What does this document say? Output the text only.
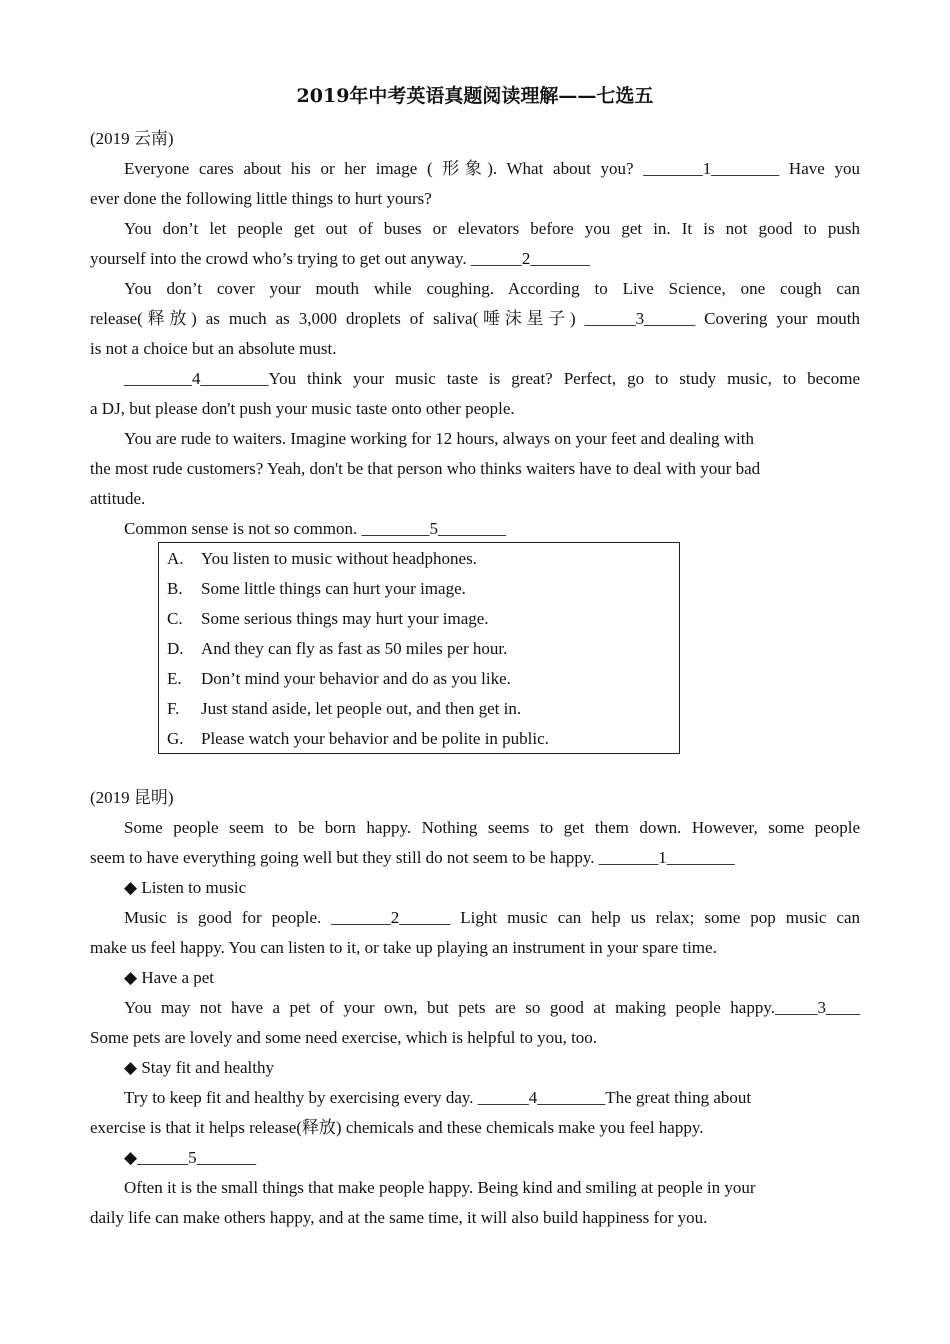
2019年中考英语真题阅读理解——七选五
(2019 云南)
Everyone cares about his or her image ( 形象). What about you? _______1________ Have you
ever done the following little things to hurt yours?
You don’t let people get out of buses or elevators before you get in. It is not good to push
yourself into the crowd who’s trying to get out anyway. ______2_______
You don’t cover your mouth while coughing. According to Live Science, one cough can
release(释放) as much as 3,000 droplets of saliva(唾沫星子) ______3______ Covering your mouth
is not a choice but an absolute must.
________4________You think your music taste is great? Perfect, go to study music, to become
a DJ, but please don't push your music taste onto other people.
You are rude to waiters. Imagine working for 12 hours, always on your feet and dealing with
the most rude customers? Yeah, don't be that person who thinks waiters have to deal with your bad
attitude.
Common sense is not so common. ________5________
A. You listen to music without headphones.
B. Some little things can hurt your image.
C. Some serious things may hurt your image.
D. And they can fly as fast as 50 miles per hour.
E. Don’t mind your behavior and do as you like.
F. Just stand aside, let people out, and then get in.
G. Please watch your behavior and be polite in public.
(2019 昆明)
Some people seem to be born happy. Nothing seems to get them down. However, some people
seem to have everything going well but they still do not seem to be happy. _______1________
◆ Listen to music
Music is good for people. _______2______ Light music can help us relax; some pop music can
make us feel happy. You can listen to it, or take up playing an instrument in your spare time.
◆ Have a pet
You may not have a pet of your own, but pets are so good at making people happy._____3____
Some pets are lovely and some need exercise, which is helpful to you, too.
◆ Stay fit and healthy
Try to keep fit and healthy by exercising every day. ______4________The great thing about
exercise is that it helps release(释放) chemicals and these chemicals make you feel happy.
◆______5_______
Often it is the small things that make people happy. Being kind and smiling at people in your
daily life can make others happy, and at the same time, it will also build happiness for you.
